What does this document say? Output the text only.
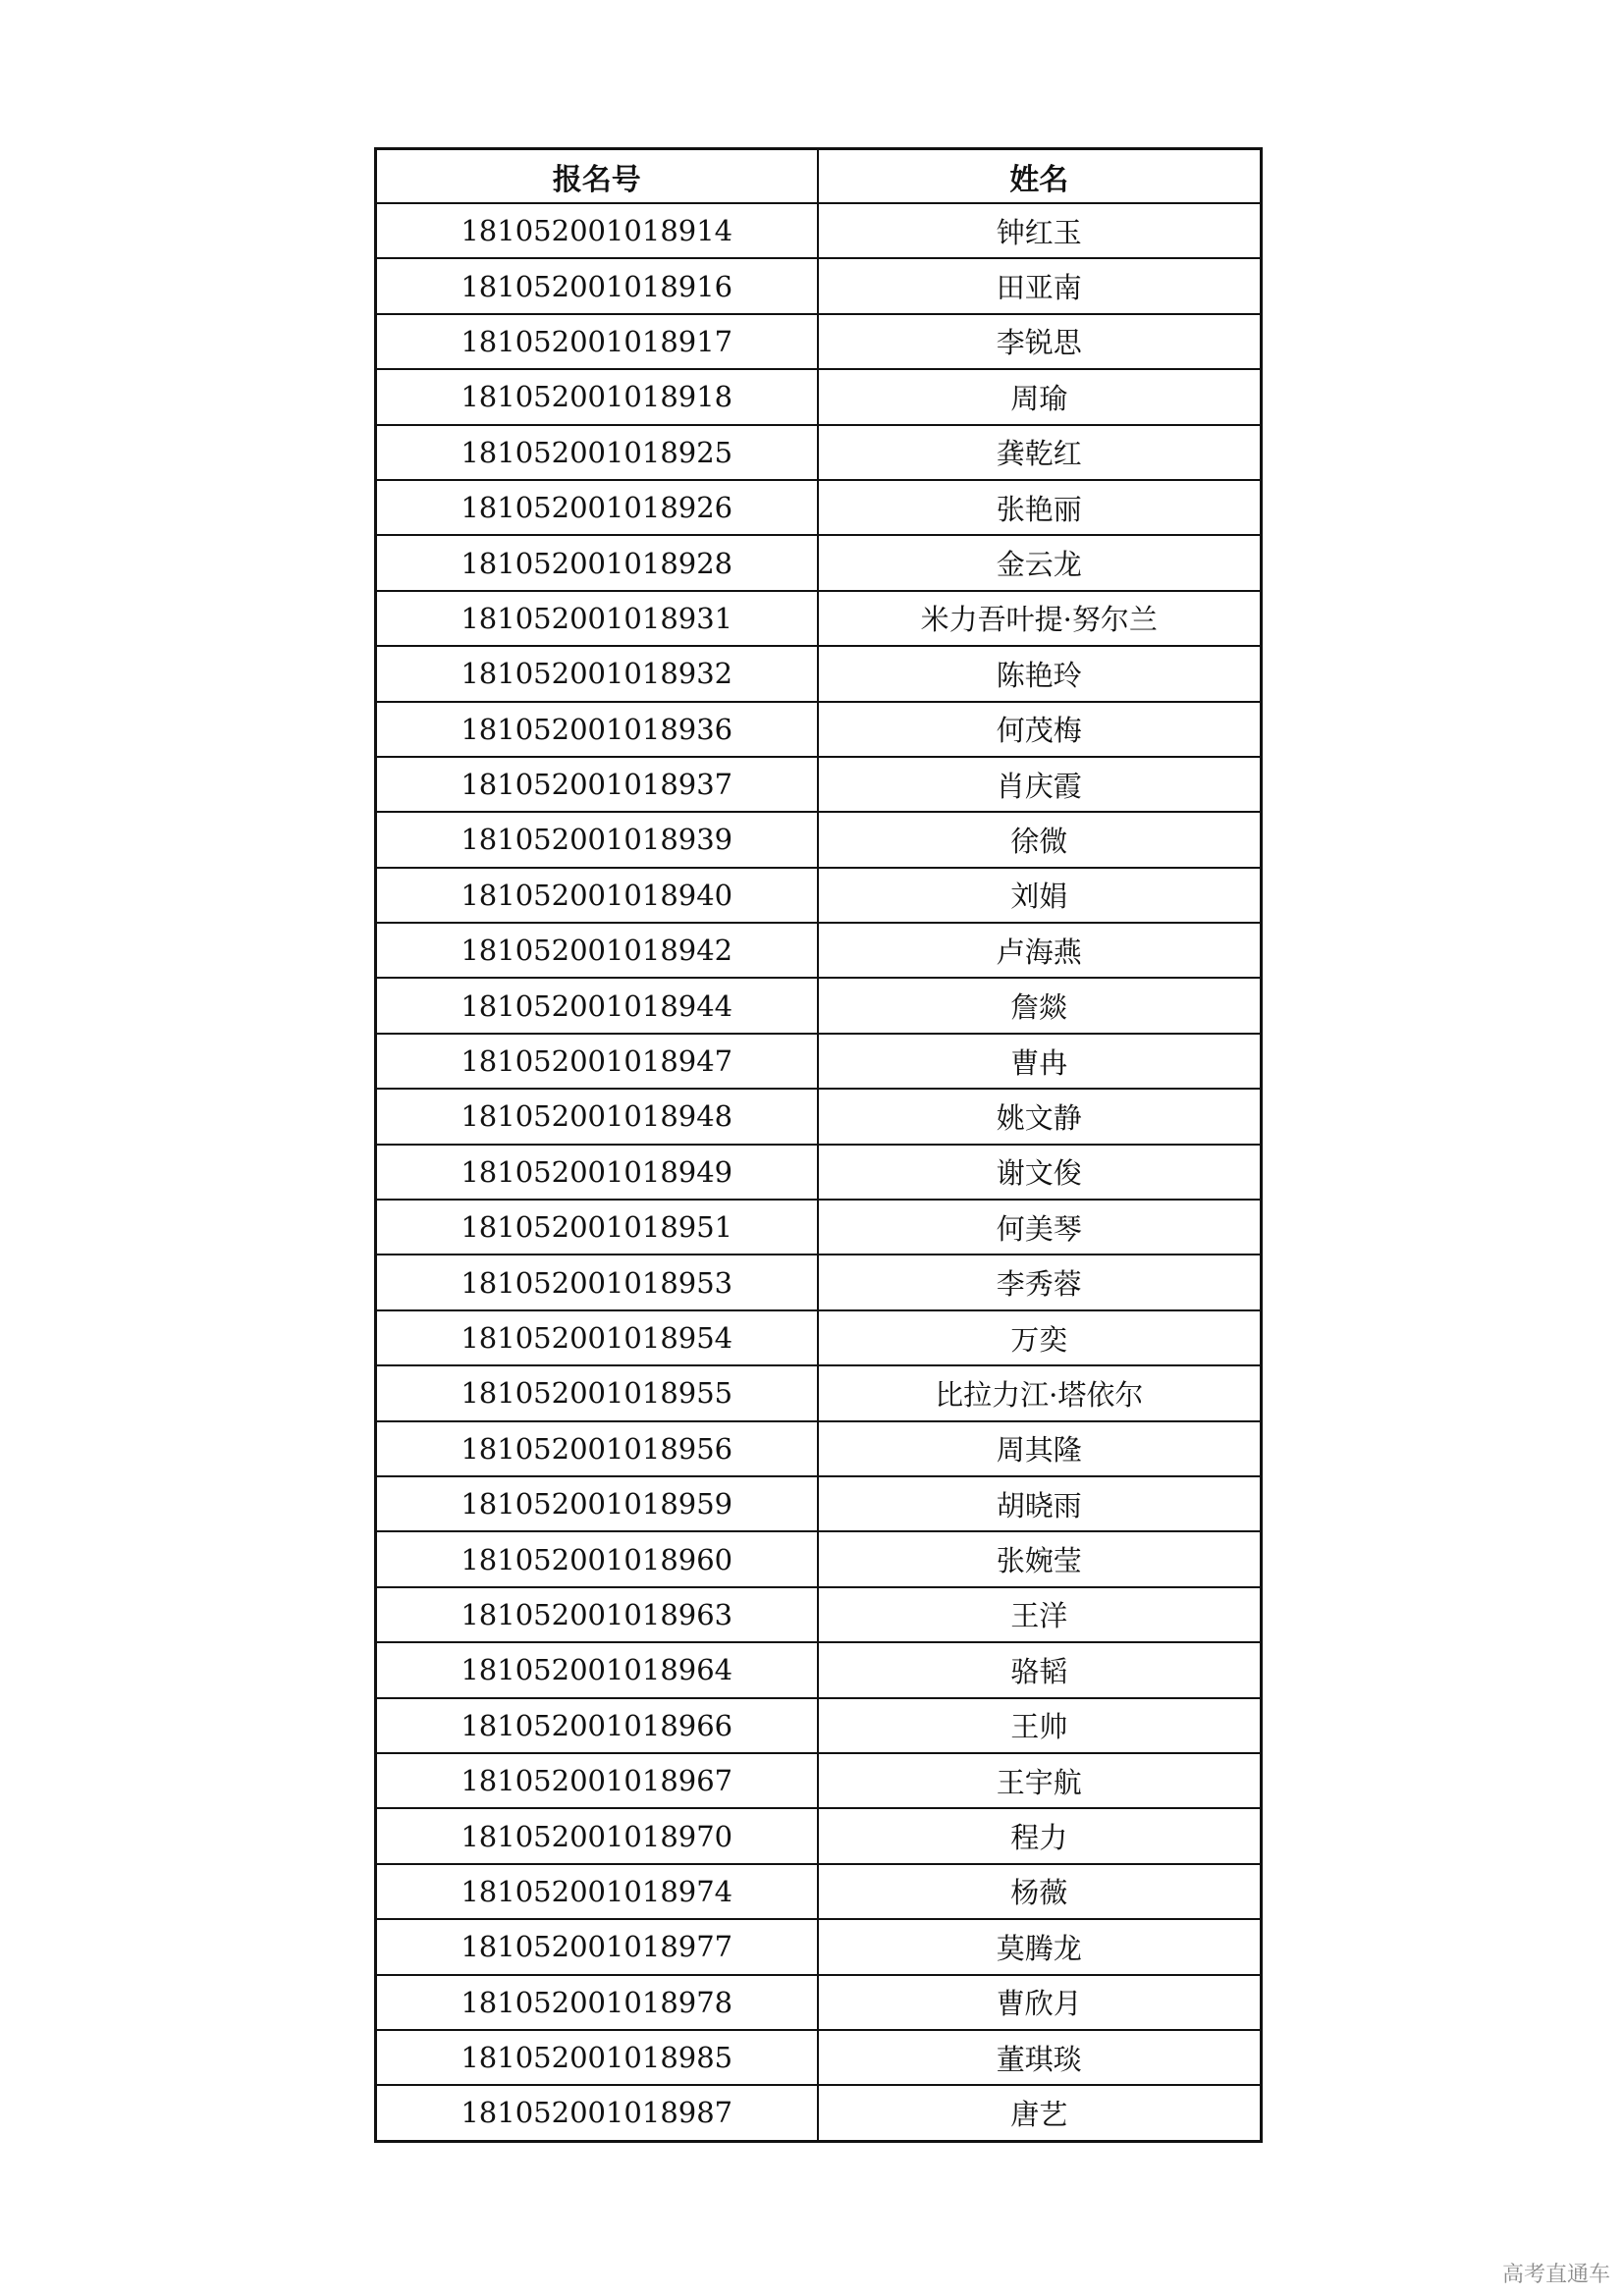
报名号	姓名
181052001018914	钟红玉
181052001018916	田亚南
181052001018917	李锐思
181052001018918	周瑜
181052001018925	龚乾红
181052001018926	张艳丽
181052001018928	金云龙
181052001018931	米力吾叶提·努尔兰
181052001018932	陈艳玲
181052001018936	何茂梅
181052001018937	肖庆霞
181052001018939	徐微
181052001018940	刘娟
181052001018942	卢海燕
181052001018944	詹燚
181052001018947	曹冉
181052001018948	姚文静
181052001018949	谢文俊
181052001018951	何美琴
181052001018953	李秀蓉
181052001018954	万奕
181052001018955	比拉力江·塔依尔
181052001018956	周其隆
181052001018959	胡晓雨
181052001018960	张婉莹
181052001018963	王洋
181052001018964	骆韬
181052001018966	王帅
181052001018967	王宇航
181052001018970	程力
181052001018974	杨薇
181052001018977	莫腾龙
181052001018978	曹欣月
181052001018985	董琪琰
181052001018987	唐艺
高考直通车
